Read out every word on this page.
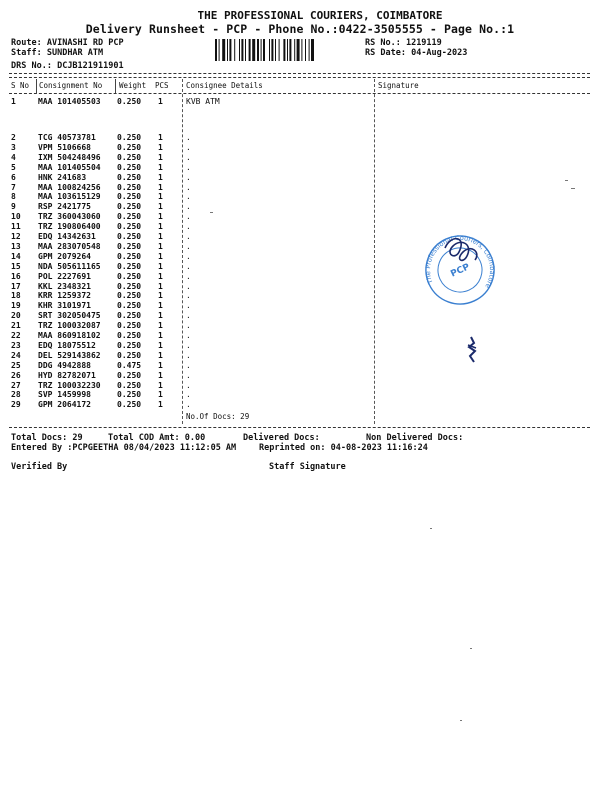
THE PROFESSIONAL COURIERS, COIMBATORE
Delivery Runsheet - PCP - Phone No.:0422-3505555 - Page No.:1
Route: AVINASHI RD PCP
Staff: SUNDHAR ATM
DRS No.: DCJB121911901
RS No.: 1219119
RS Date: 04-Aug-2023
S No Consignment No Weight PCS Consignee Details	Signature
1	MAA 101405503 0.250 1	KVB ATM
2	TCG 40573781	0.250 1	.
3	VPM 5106668	0.250 1	.
4	IXM 504248496 0.250 1	.
5	MAA 101405504 0.250 1	.
6	HNK 241683	0.250 1	.
7	MAA 100824256 0.250 1	.
8	MAA 103615129 0.250 1	.
9	RSP 2421775	0.250 1	.
10 TRZ 360043060 0.250 1	.
11 TRZ 190806400 0.250 1	.
12 EDQ 14342631	0.250 1	.
13 MAA 283070548 0.250 1	.
14 GPM 2079264	0.250 1	.
15 NDA 505611165 0.250 1	.
16 POL 2227691	0.250 1	.
17 KKL 2348321	0.250 1	.
18 KRR 1259372	0.250 1	.
19 KHR 3101971	0.250 1	.
20 SRT 302050475 0.250 1	.
21 TRZ 100032087 0.250 1	.
22 MAA 860918102 0.250 1	.
23 EDQ 18075512	0.250 1	.
24 DEL 529143862 0.250 1	.
25 DDG 4942888	0.475 1	.
26 HYD 82782071	0.250 1	.
27 TRZ 100032230 0.250 1	.
28 SVP 1459998	0.250 1	.
29 GPM 2064172	0.250 1	.
No.Of Docs: 29
Total Docs: 29	Total COD Amt: 0.00	Delivered Docs:	Non Delivered Docs:
Entered By :PCPGEETHA 08/04/2023 11:12:05 AM	Reprinted on: 04-08-2023 11:16:24
Verified By	Staff Signature
The Professional Couriers, Coimbatore
PCP
